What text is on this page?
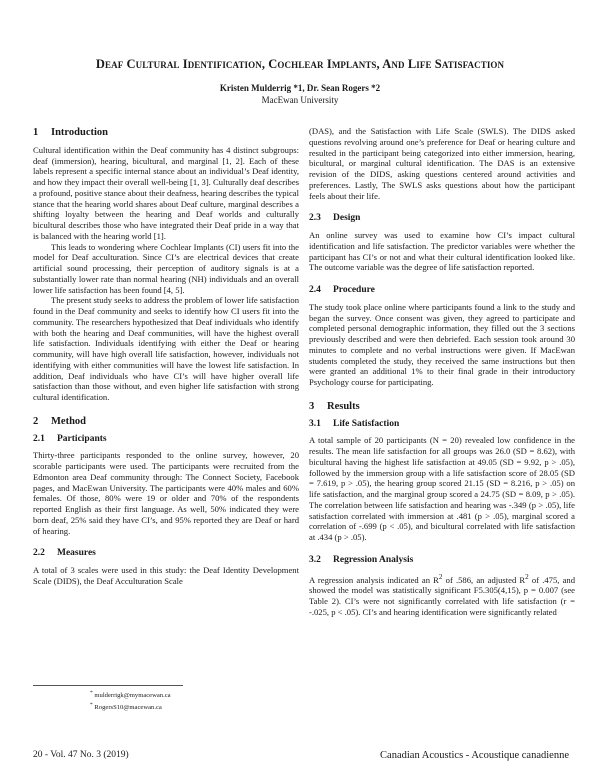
Deaf Cultural Identification, Cochlear Implants, And Life Satisfaction
Kristen Mulderrig *1, Dr. Sean Rogers *2
MacEwan University
1 Introduction

Cultural identification within the Deaf community has 4 distinct subgroups: deaf (immersion), hearing, bicultural, and marginal [1, 2]. Each of these labels represent a specific internal stance about an individual’s Deaf identity, and how they impact their overall well-being [1, 3]. Culturally deaf describes a profound, positive stance about their deafness, hearing describes the typical stance that the hearing world shares about Deaf culture, marginal describes a shifting loyalty between the hearing and Deaf worlds and culturally bicultural describes those who have integrated their Deaf pride in a way that is balanced with the hearing world [1].

This leads to wondering where Cochlear Implants (CI) users fit into the model for Deaf acculturation. Since CI’s are electrical devices that create artificial sound processing, their perception of auditory signals is at a substantially lower rate than normal hearing (NH) individuals and an overall lower life satisfaction has been found [4, 5].

The present study seeks to address the problem of lower life satisfaction found in the Deaf community and seeks to identify how CI users fit into the community. The researchers hypothesized that Deaf individuals who identify with both the hearing and Deaf communities, will have the highest overall life satisfaction. Individuals identifying with either the Deaf or hearing community, will have high overall life satisfaction, however, individuals not identifying with either communities will have the lowest life satisfaction. In addition, Deaf individuals who have CI’s will have higher overall life satisfaction than those without, and even higher life satisfaction with strong cultural identification.

2 Method
2.1 Participants

Thirty-three participants responded to the online survey, however, 20 scorable participants were used. The participants were recruited from the Edmonton area Deaf community through: The Connect Society, Facebook pages, and MacEwan University. The participants were 40% males and 60% females. Of those, 80% were 19 or older and 70% of the respondents reported English as their first language. As well, 50% indicated they were born deaf, 25% said they have CI’s, and 95% reported they are Deaf or hard of hearing.

2.2 Measures

A total of 3 scales were used in this study: the Deaf Identity Development Scale (DIDS), the Deaf Acculturation Scale

(DAS), and the Satisfaction with Life Scale (SWLS). The DIDS asked questions revolving around one’s preference for Deaf or hearing culture and resulted in the participant being categorized into either immersion, hearing, bicultural, or marginal cultural identification. The DAS is an extensive revision of the DIDS, asking questions centered around activities and preferences. Lastly, The SWLS asks questions about how the participant feels about their life.

2.3 Design

An online survey was used to examine how CI’s impact cultural identification and life satisfaction. The predictor variables were whether the participant has CI’s or not and what their cultural identification looked like. The outcome variable was the degree of life satisfaction reported.

2.4 Procedure

The study took place online where participants found a link to the study and began the survey. Once consent was given, they agreed to participate and completed personal demographic information, they filled out the 3 sections previously described and were then debriefed. Each session took around 30 minutes to complete and no verbal instructions were given. If MacEwan students completed the study, they received the same instructions but then were granted an additional 1% to their final grade in their introductory Psychology course for participating.

3 Results
3.1 Life Satisfaction

A total sample of 20 participants (N = 20) revealed low confidence in the results. The mean life satisfaction for all groups was 26.0 (SD = 8.62), with bicultural having the highest life satisfaction at 49.05 (SD = 9.92, p > .05), followed by the immersion group with a life satisfaction score of 28.05 (SD = 7.619, p > .05), the hearing group scored 21.15 (SD = 8.216, p > .05) on life satisfaction, and the marginal group scored a 24.75 (SD = 8.09, p > .05). The correlation between life satisfaction and hearing was -.349 (p > .05), life satisfaction correlated with immersion at .481 (p > .05), marginal scored a correlation of -.699 (p < .05), and bicultural correlated with life satisfaction at .434 (p > .05).

3.2 Regression Analysis

A regression analysis indicated an $R^2$ of .586, an adjusted $R^2$ of .475, and showed the model was statistically significant F5.305(4,15), p = 0.007 (see Table 2). CI’s were not significantly correlated with life satisfaction (r = -.025, p < .05). CI’s and hearing identification were significantly related

* mulderrigk@mymacewan.ca
* RogersS10@macewan.ca
20 - Vol. 47 No. 3 (2019)	Canadian Acoustics - Acoustique canadienne
